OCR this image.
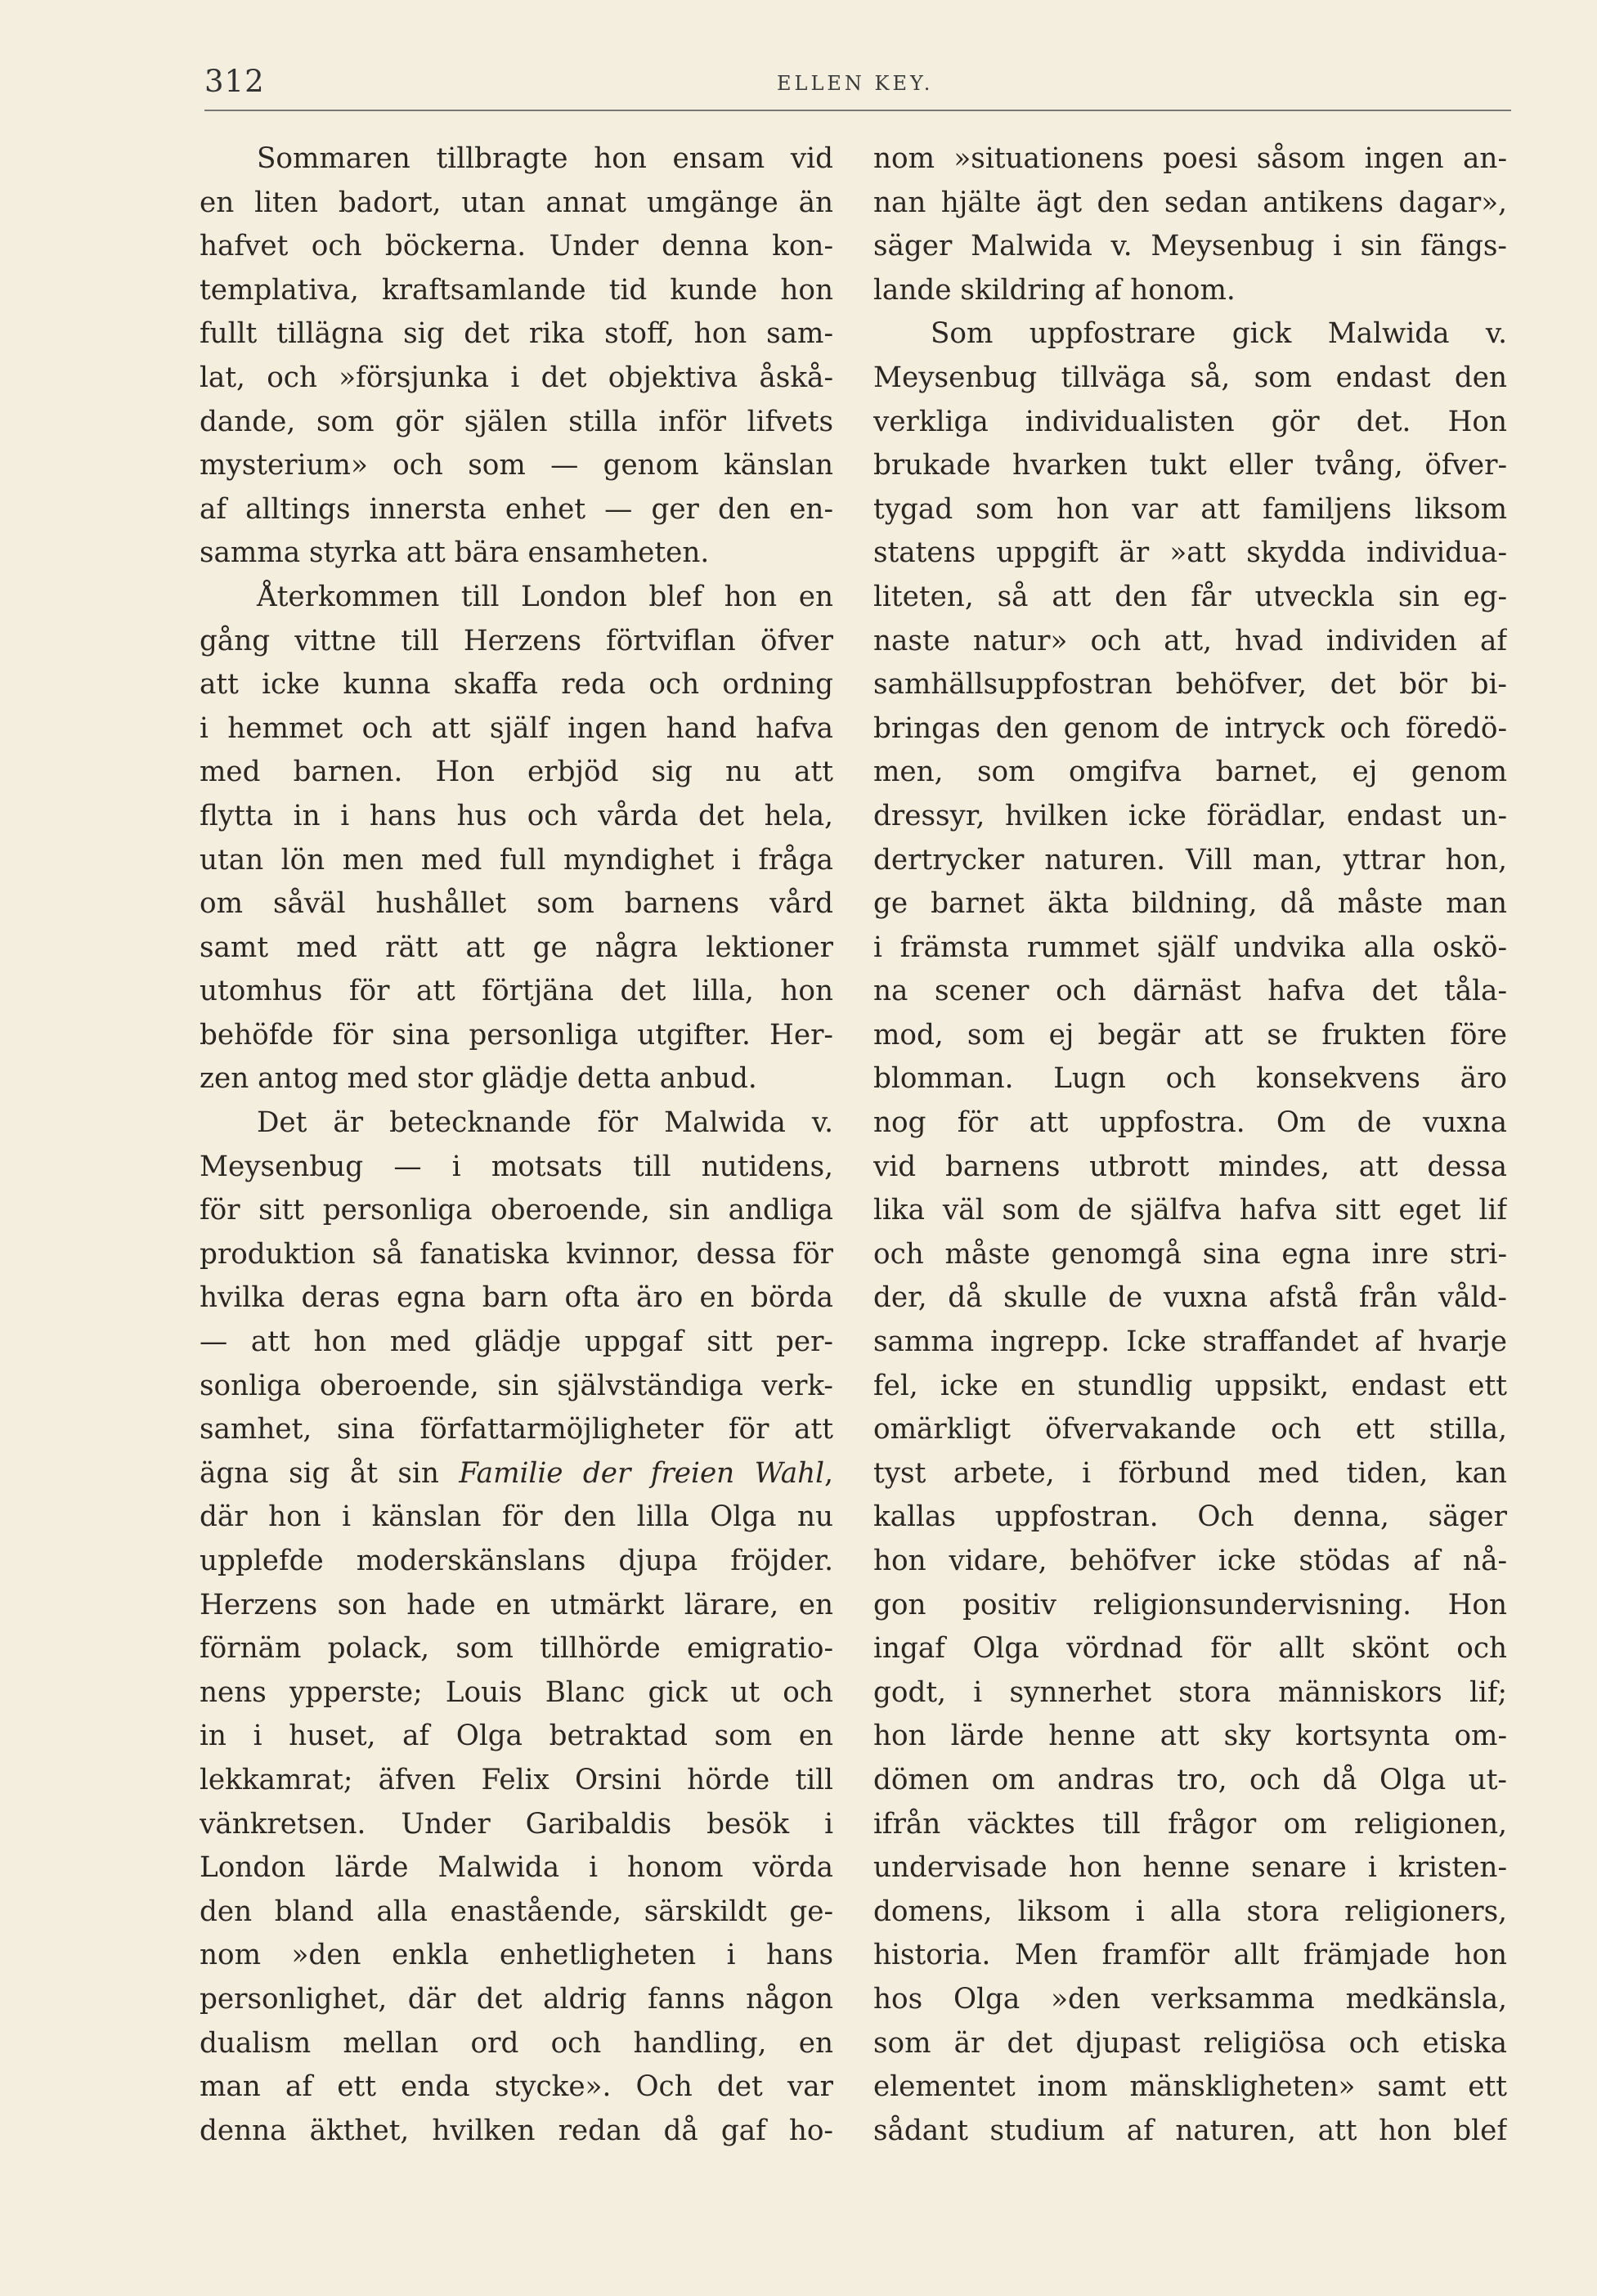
312	ELLEN KEY.
Sommaren tillbragte hon ensam vid
en liten badort, utan annat umgänge än
hafvet och böckerna. Under denna kon-
templativa, kraftsamlande tid kunde hon
fullt tillägna sig det rika stoff, hon sam-
lat, och »försjunka i det objektiva åskå-
dande, som gör själen stilla inför lifvets
mysterium» och som — genom känslan
af alltings innersta enhet — ger den en-
samma styrka att bära ensamheten.
Återkommen till London blef hon en
gång vittne till Herzens förtviflan öfver
att icke kunna skaffa reda och ordning
i hemmet och att själf ingen hand hafva
med barnen. Hon erbjöd sig nu att
flytta in i hans hus och vårda det hela,
utan lön men med full myndighet i fråga
om såväl hushållet som barnens vård
samt med rätt att ge några lektioner
utomhus för att förtjäna det lilla, hon
behöfde för sina personliga utgifter. Her-
zen antog med stor glädje detta anbud.
Det är betecknande för Malwida v.
Meysenbug — i motsats till nutidens,
för sitt personliga oberoende, sin andliga
produktion så fanatiska kvinnor, dessa för
hvilka deras egna barn ofta äro en börda
— att hon med glädje uppgaf sitt per-
sonliga oberoende, sin självständiga verk-
samhet, sina författarmöjligheter för att
ägna sig åt sin Familie der freien Wahl,
där hon i känslan för den lilla Olga nu
upplefde moderskänslans djupa fröjder.
Herzens son hade en utmärkt lärare, en
förnäm polack, som tillhörde emigratio-
nens ypperste; Louis Blanc gick ut och
in i huset, af Olga betraktad som en
lekkamrat; äfven Felix Orsini hörde till
vänkretsen. Under Garibaldis besök i
London lärde Malwida i honom vörda
den bland alla enastående, särskildt ge-
nom »den enkla enhetligheten i hans
personlighet, där det aldrig fanns någon
dualism mellan ord och handling, en
man af ett enda stycke». Och det var
denna äkthet, hvilken redan då gaf ho-
nom »situationens poesi såsom ingen an-
nan hjälte ägt den sedan antikens dagar»,
säger Malwida v. Meysenbug i sin fängs-
lande skildring af honom.
Som uppfostrare gick Malwida v.
Meysenbug tillväga så, som endast den
verkliga individualisten gör det. Hon
brukade hvarken tukt eller tvång, öfver-
tygad som hon var att familjens liksom
statens uppgift är »att skydda individua-
liteten, så att den får utveckla sin eg-
naste natur» och att, hvad individen af
samhällsuppfostran behöfver, det bör bi-
bringas den genom de intryck och föredö-
men, som omgifva barnet, ej genom
dressyr, hvilken icke förädlar, endast un-
dertrycker naturen. Vill man, yttrar hon,
ge barnet äkta bildning, då måste man
i främsta rummet själf undvika alla oskö-
na scener och därnäst hafva det tåla-
mod, som ej begär att se frukten före
blomman. Lugn och konsekvens äro
nog för att uppfostra. Om de vuxna
vid barnens utbrott mindes, att dessa
lika väl som de själfva hafva sitt eget lif
och måste genomgå sina egna inre stri-
der, då skulle de vuxna afstå från våld-
samma ingrepp. Icke straffandet af hvarje
fel, icke en stundlig uppsikt, endast ett
omärkligt öfvervakande och ett stilla,
tyst arbete, i förbund med tiden, kan
kallas uppfostran. Och denna, säger
hon vidare, behöfver icke stödas af nå-
gon positiv religionsundervisning. Hon
ingaf Olga vördnad för allt skönt och
godt, i synnerhet stora människors lif;
hon lärde henne att sky kortsynta om-
dömen om andras tro, och då Olga ut-
ifrån väcktes till frågor om religionen,
undervisade hon henne senare i kristen-
domens, liksom i alla stora religioners,
historia. Men framför allt främjade hon
hos Olga »den verksamma medkänsla,
som är det djupast religiösa och etiska
elementet inom mänskligheten» samt ett
sådant studium af naturen, att hon blef
